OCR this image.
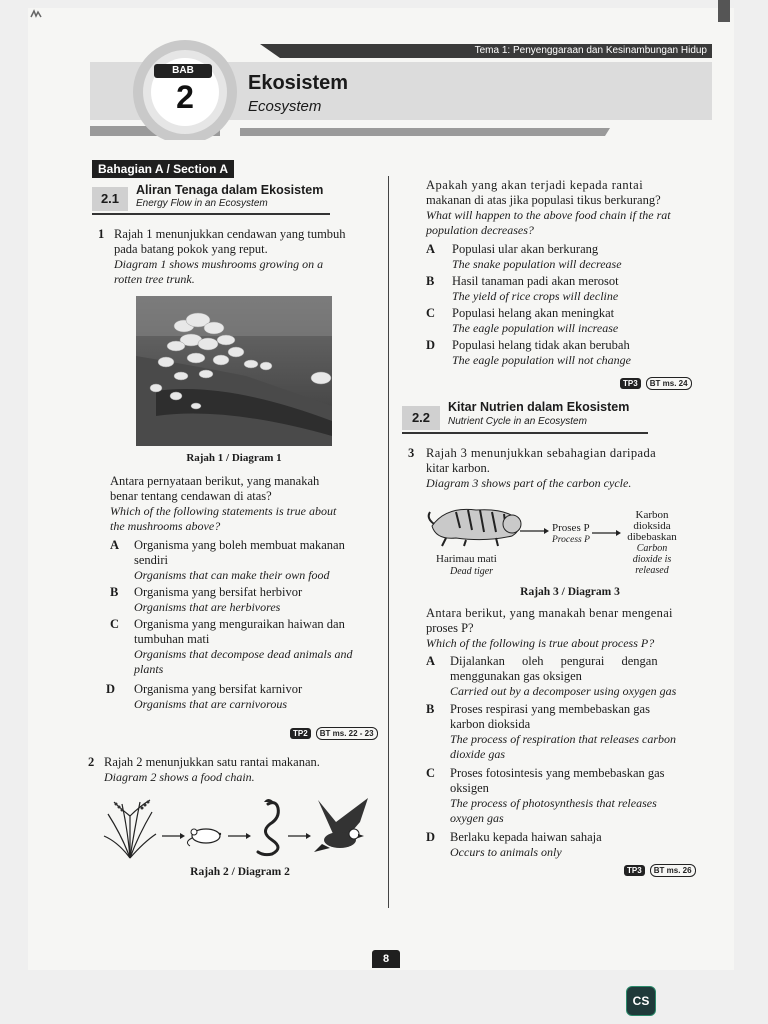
Tema 1: Penyenggaraan dan Kesinambungan Hidup
BAB
2	Ekosistem
Ecosystem
Bahagian A / Section A
2.1
Aliran Tenaga dalam Ekosistem
Energy Flow in an Ecosystem
1 Rajah 1 menunjukkan cendawan yang tumbuh
pada batang pokok yang reput.
Diagram 1 shows mushrooms growing on a
rotten tree trunk.
Rajah 1 / Diagram 1
Antara pernyataan berikut, yang manakah
benar tentang cendawan di atas?
Which of the following statements is true about
the mushrooms above?
A Organisma yang boleh membuat makanan
sendiri
Organisms that can make their own food
B Organisma yang bersifat herbivor
Organisms that are herbivores
C Organisma yang menguraikan haiwan dan
tumbuhan mati
Organisms that decompose dead animals and
plants
D Organisma yang bersifat karnivor
Organisms that are carnivorous
TP2 BT ms. 22 - 23
2 Rajah 2 menunjukkan satu rantai makanan.
Diagram 2 shows a food chain.
Rajah 2 / Diagram 2
Apakah yang akan terjadi kepada rantai
makanan di atas jika populasi tikus berkurang?
What will happen to the above food chain if the rat
population decreases?
A Populasi ular akan berkurang
The snake population will decrease
B Hasil tanaman padi akan merosot
The yield of rice crops will decline
C Populasi helang akan meningkat
The eagle population will increase
D Populasi helang tidak akan berubah
The eagle population will not change
TP3 BT ms. 24
2.2
Kitar Nutrien dalam Ekosistem
Nutrient Cycle in an Ecosystem
3 Rajah 3 menunjukkan sebahagian daripada
kitar karbon.
Diagram 3 shows part of the carbon cycle.
Harimau mati
Dead tiger
Proses P
Process P
Karbon
dioksida
dibebaskan
Carbon
dioxide is
released
Rajah 3 / Diagram 3
Antara berikut, yang manakah benar mengenai
proses P?
Which of the following is true about process P?
A Dijalankan oleh pengurai dengan
menggunakan gas oksigen
Carried out by a decomposer using oxygen gas
B Proses respirasi yang membebaskan gas
karbon dioksida
The process of respiration that releases carbon
dioxide gas
C Proses fotosintesis yang membebaskan gas
oksigen
The process of photosynthesis that releases
oxygen gas
D Berlaku kepada haiwan sahaja
Occurs to animals only
TP3 BT ms. 26
8
CS
